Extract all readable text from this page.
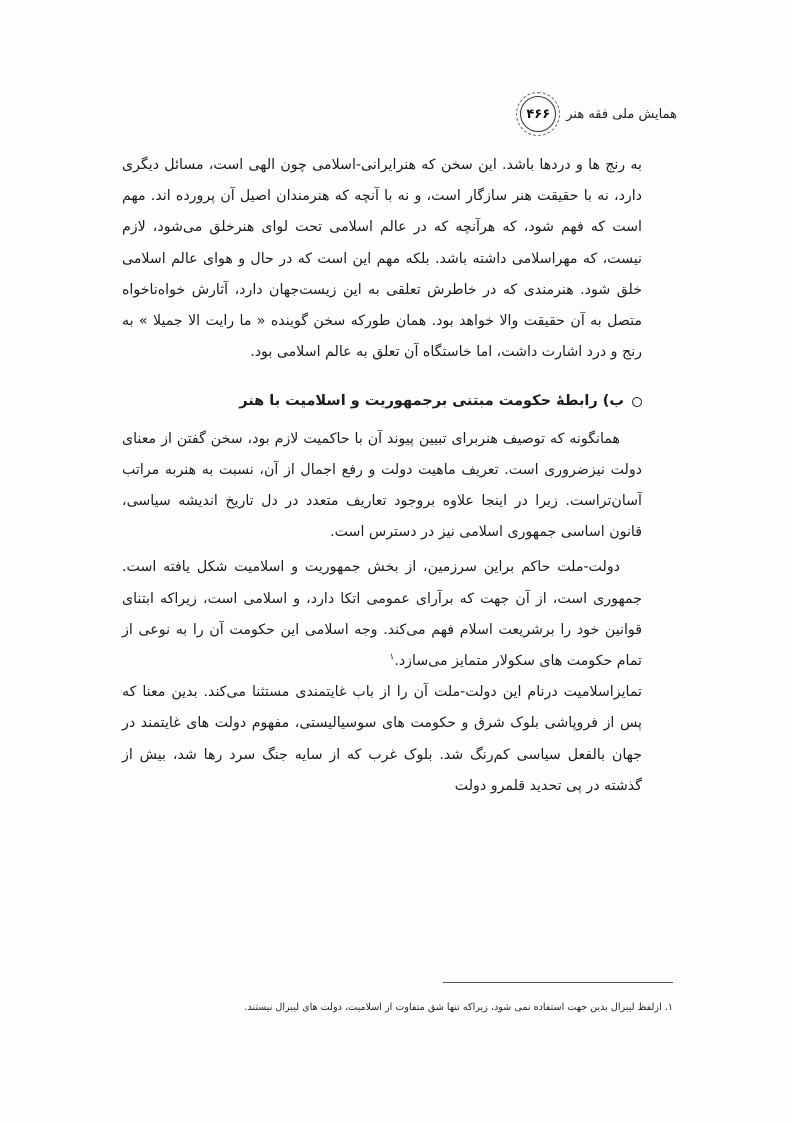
۴۶۶ همایش ملی فقه هنر

به رنج ها و دردها باشد. این سخن که هنرایرانی-اسلامی چون الهی است، مسائل دیگری دارد، نه با حقیقت هنر سازگار است، و نه با آنچه که هنرمندان اصیل آن پرورده اند. مهم است که فهم شود، که هرآنچه که در عالم اسلامی تحت لوای هنرخلق می‌شود، لازم نیست، که مهراسلامی داشته باشد. بلکه مهم این است که در حال و هوای عالم اسلامی خلق شود. هنرمندی که در خاطرش تعلقی به این زیست‌جهان دارد، آثارش خواه‌ناخواه متصل به آن حقیقت والا خواهد بود. همان طورکه سخن گوینده « ما رایت الا جمیلا » به رنج و درد اشارت داشت، اما خاستگاه آن تعلق به عالم اسلامی بود.

ب) رابطۀ حکومت مبتنی برجمهوریت و اسلامیت با هنر

همانگونه که توصیف هنربرای تبیین پیوند آن با حاکمیت لازم بود، سخن گفتن از معنای دولت نیزضروری است. تعریف ماهیت دولت و رفع اجمال از آن، نسبت به هنربه مراتب آسان‌تراست. زیرا در اینجا علاوه بروجود تعاریف متعدد در دل تاریخ اندیشه سیاسی، قانون اساسی جمهوری اسلامی نیز در دسترس است.

دولت-ملت حاکم براین سرزمین، از بخش جمهوریت و اسلامیت شکل یافته است. جمهوری است، از آن جهت که برآرای عمومی اتکا دارد، و اسلامی است، زیراکه ابتنای قوانین خود را برشریعت اسلام فهم می‌کند. وجه اسلامی این حکومت آن را به نوعی از تمام حکومت های سکولار متمایز می‌سازد.$^۱$

تمایزاسلامیت درنام این دولت-ملت آن را از باب غایتمندی مستثنا می‌کند. بدین معنا که پس از فروپاشی بلوک شرق و حکومت های سوسیالیستی، مفهوم دولت های غایتمند در جهان بالفعل سیاسی کم‌رنگ شد. بلوک غرب که از سایه جنگ سرد رها شد، بیش از گذشته در پی تحدید قلمرو دولت

۱. ازلفظ لیبرال بدین جهت استفاده نمی شود، زیراکه تنها شق متفاوت از اسلامیت، دولت های لیبرال نیستند.
